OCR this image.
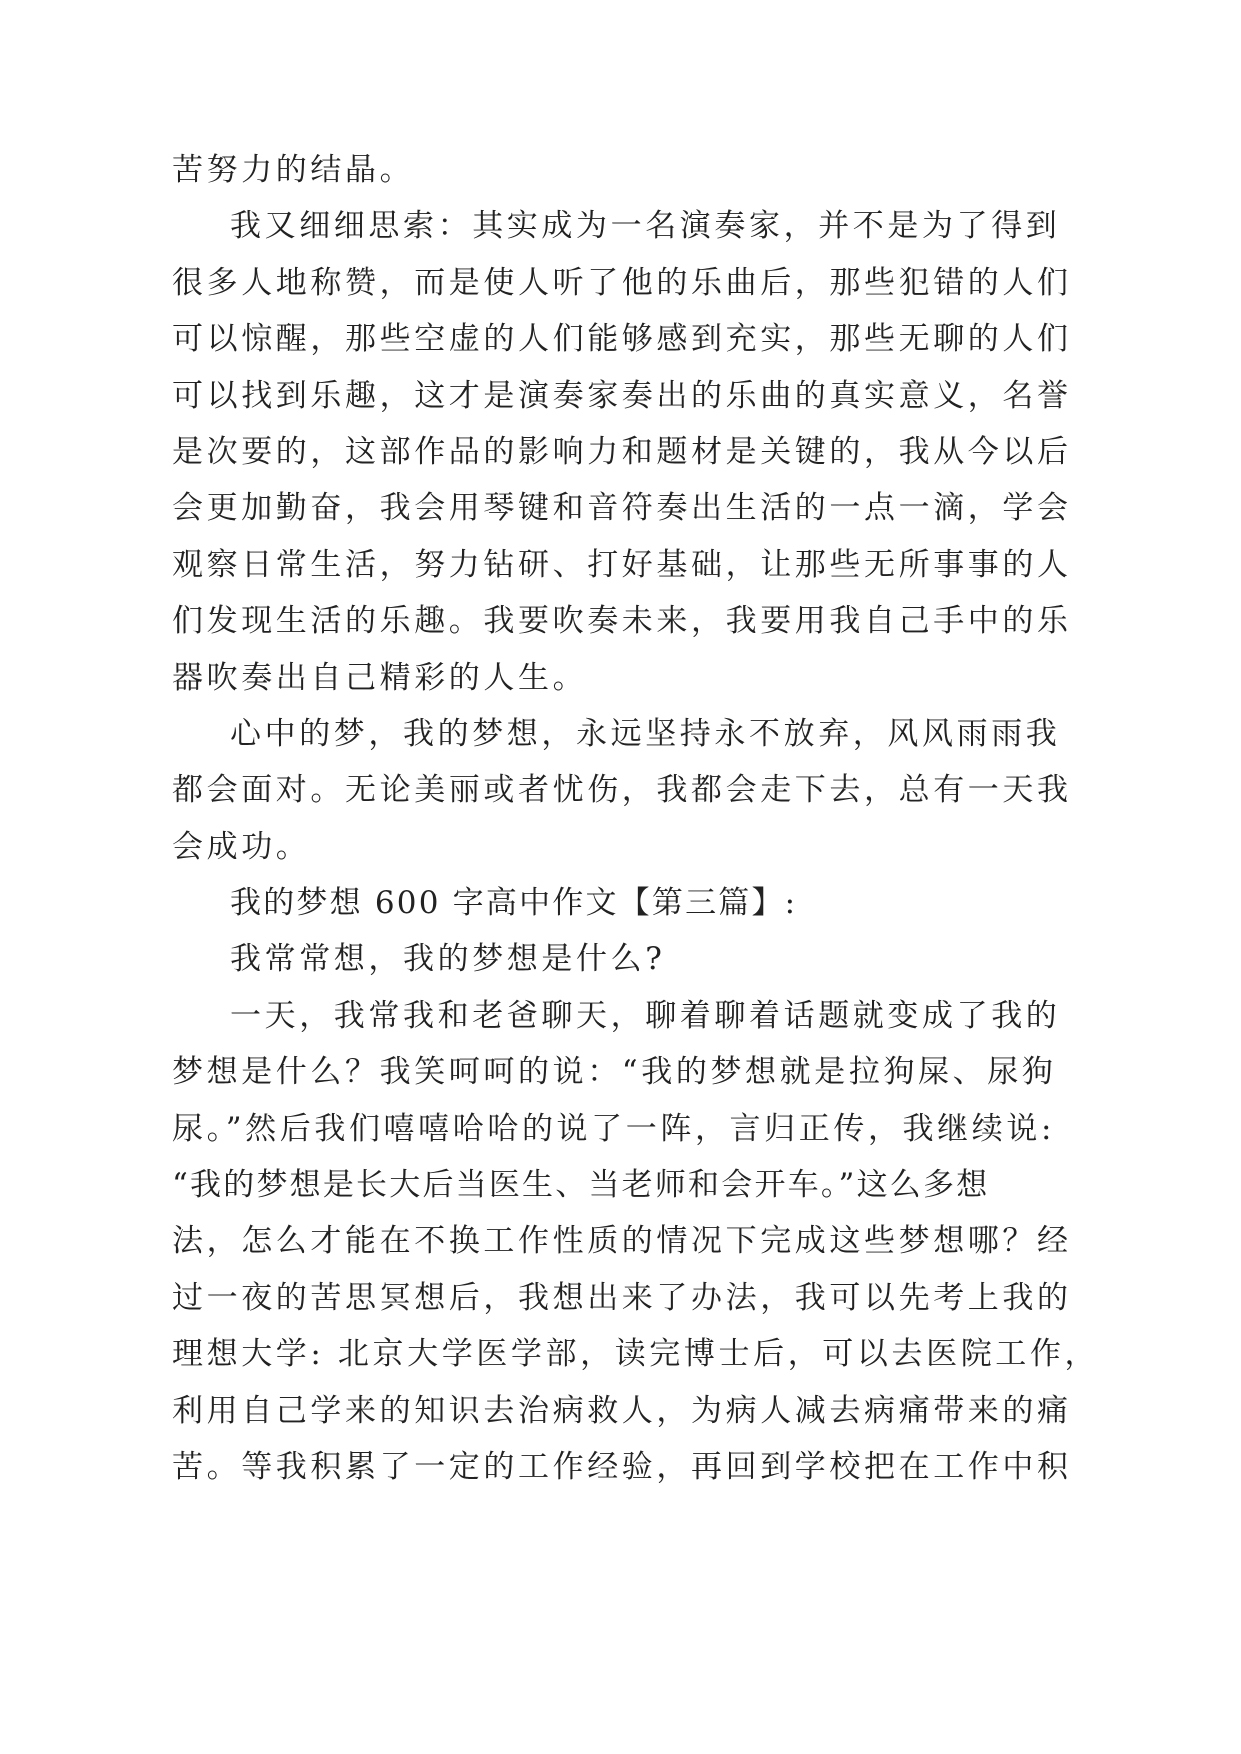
苦努力的结晶。
我又细细思索：其实成为一名演奏家，并不是为了得到
很多人地称赞，而是使人听了他的乐曲后，那些犯错的人们
可以惊醒，那些空虚的人们能够感到充实，那些无聊的人们
可以找到乐趣，这才是演奏家奏出的乐曲的真实意义，名誉
是次要的，这部作品的影响力和题材是关键的，我从今以后
会更加勤奋，我会用琴键和音符奏出生活的一点一滴，学会
观察日常生活，努力钻研、打好基础，让那些无所事事的人
们发现生活的乐趣。我要吹奏未来，我要用我自己手中的乐
器吹奏出自己精彩的人生。
心中的梦，我的梦想，永远坚持永不放弃，风风雨雨我
都会面对。无论美丽或者忧伤，我都会走下去，总有一天我
会成功。
我的梦想 600 字高中作文【第三篇】:
我常常想，我的梦想是什么?
一天，我常我和老爸聊天，聊着聊着话题就变成了我的
梦想是什么？我笑呵呵的说：“我的梦想就是拉狗屎、尿狗
尿。”然后我们嘻嘻哈哈的说了一阵，言归正传，我继续说:
“我的梦想是长大后当医生、当老师和会开车。”这么多想
法，怎么才能在不换工作性质的情况下完成这些梦想哪？经
过一夜的苦思冥想后，我想出来了办法，我可以先考上我的
理想大学: 北京大学医学部，读完博士后，可以去医院工作，
利用自己学来的知识去治病救人，为病人减去病痛带来的痛
苦。等我积累了一定的工作经验，再回到学校把在工作中积
